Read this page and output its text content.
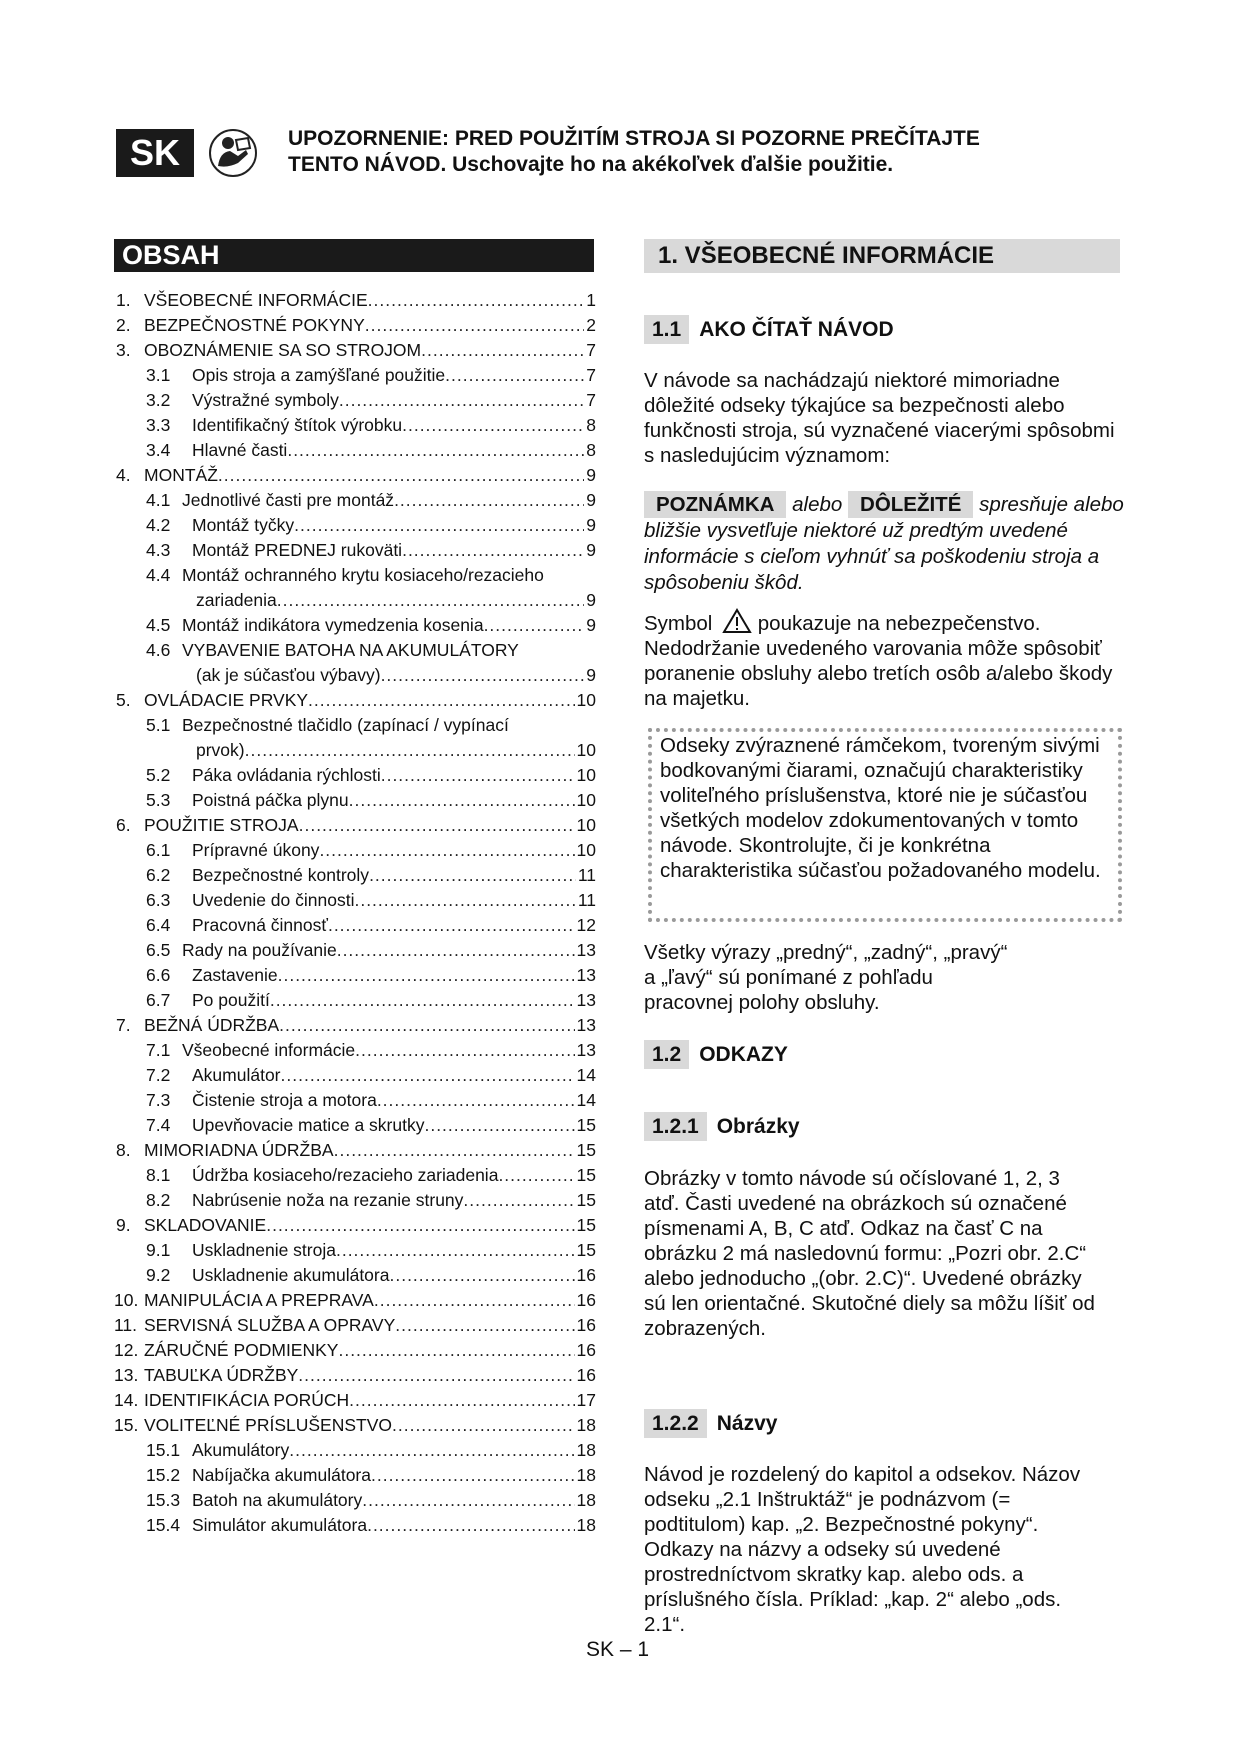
SK	UPOZORNENIE: PRED POUŽITÍM STROJA SI POZORNE PREČÍTAJTE
TENTO NÁVOD. Uschovajte ho na akékoľvek ďalšie použitie.
OBSAH
1. VŠEOBECNÉ INFORMÁCIE .....	1
2. BEZPEČNOSTNÉ POKYNY .....	2
3. OBOZNÁMENIE SA SO STROJOM .....	7
3.1 Opis stroja a zamýšľané použitie .....	7
3.2 Výstražné symboly .....	7
3.3 Identifikačný štítok výrobku .....	8
3.4 Hlavné časti .....	8
4. MONTÁŽ .....	9
4.1 Jednotlivé časti pre montáž .....	9
4.2 Montáž tyčky .....	9
4.3 Montáž PREDNEJ rukoväti .....	9
4.4 Montáž ochranného krytu kosiaceho/rezacieho
zariadenia .....	9
4.5 Montáž indikátora vymedzenia kosenia .....	9
4.6 VYBAVENIE BATOHA NA AKUMULÁTORY
(ak je súčasťou výbavy) .....	9
5. OVLÁDACIE PRVKY .....	10
5.1 Bezpečnostné tlačidlo (zapínací / vypínací
prvok) .....	10
5.2 Páka ovládania rýchlosti .....	10
5.3 Poistná páčka plynu .....	10
6. POUŽITIE STROJA .....	10
6.1 Prípravné úkony .....	10
6.2 Bezpečnostné kontroly .....	11
6.3 Uvedenie do činnosti .....	11
6.4 Pracovná činnosť .....	12
6.5 Rady na používanie .....	13
6.6 Zastavenie .....	13
6.7 Po použití .....	13
7. BEŽNÁ ÚDRŽBA .....	13
7.1 Všeobecné informácie .....	13
7.2 Akumulátor .....	14
7.3 Čistenie stroja a motora .....	14
7.4 Upevňovacie matice a skrutky .....	15
8. MIMORIADNA ÚDRŽBA .....	15
8.1 Údržba kosiaceho/rezacieho zariadenia .....	15
8.2 Nabrúsenie noža na rezanie struny .....	15
9. SKLADOVANIE .....	15
9.1 Uskladnenie stroja .....	15
9.2 Uskladnenie akumulátora .....	16
10. MANIPULÁCIA A PREPRAVA .....	16
11. SERVISNÁ SLUŽBA A OPRAVY .....	16
12. ZÁRUČNÉ PODMIENKY .....	16
13. TABUĽKA ÚDRŽBY .....	16
14. IDENTIFIKÁCIA PORÚCH .....	17
15. VOLITEĽNÉ PRÍSLUŠENSTVO .....	18
15.1 Akumulátory .....	18
15.2 Nabíjačka akumulátora .....	18
15.3 Batoh na akumulátory .....	18
15.4 Simulátor akumulátora .....	18
1. VŠEOBECNÉ INFORMÁCIE
1.1 AKO ČÍTAŤ NÁVOD
V návode sa nachádzajú niektoré mimoriadne dôležité odseky týkajúce sa bezpečnosti alebo funkčnosti stroja, sú vyznačené viacerými spôsobmi s nasledujúcim významom:
POZNÁMKA alebo DÔLEŽITÉ spresňuje alebo bližšie vysvetľuje niektoré už predtým uvedené informácie s cieľom vyhnúť sa poškodeniu stroja a spôsobeniu škôd.
Symbol poukazuje na nebezpečenstvo. Nedodržanie uvedeného varovania môže spôsobiť poranenie obsluhy alebo tretích osôb a/alebo škody na majetku.
Odseky zvýraznené rámčekom, tvoreným sivými bodkovanými čiarami, označujú charakteristiky voliteľného príslušenstva, ktoré nie je súčasťou všetkých modelov zdokumentovaných v tomto návode. Skontrolujte, či je konkrétna charakteristika súčasťou požadovaného modelu.
Všetky výrazy „predný“, „zadný“, „pravý“ a „ľavý“ sú ponímané z pohľadu pracovnej polohy obsluhy.
1.2 ODKAZY
1.2.1 Obrázky
Obrázky v tomto návode sú očíslované 1, 2, 3 atď. Časti uvedené na obrázkoch sú označené písmenami A, B, C atď. Odkaz na časť C na obrázku 2 má nasledovnú formu: „Pozri obr. 2.C“ alebo jednoducho „(obr. 2.C)“. Uvedené obrázky sú len orientačné. Skutočné diely sa môžu líšiť od zobrazených.
1.2.2 Názvy
Návod je rozdelený do kapitol a odsekov. Názov odseku „2.1 Inštruktáž“ je podnázvom (= podtitulom) kap. „2. Bezpečnostné pokyny“. Odkazy na názvy a odseky sú uvedené prostredníctvom skratky kap. alebo ods. a príslušného čísla. Príklad: „kap. 2“ alebo „ods. 2.1“.
SK – 1
